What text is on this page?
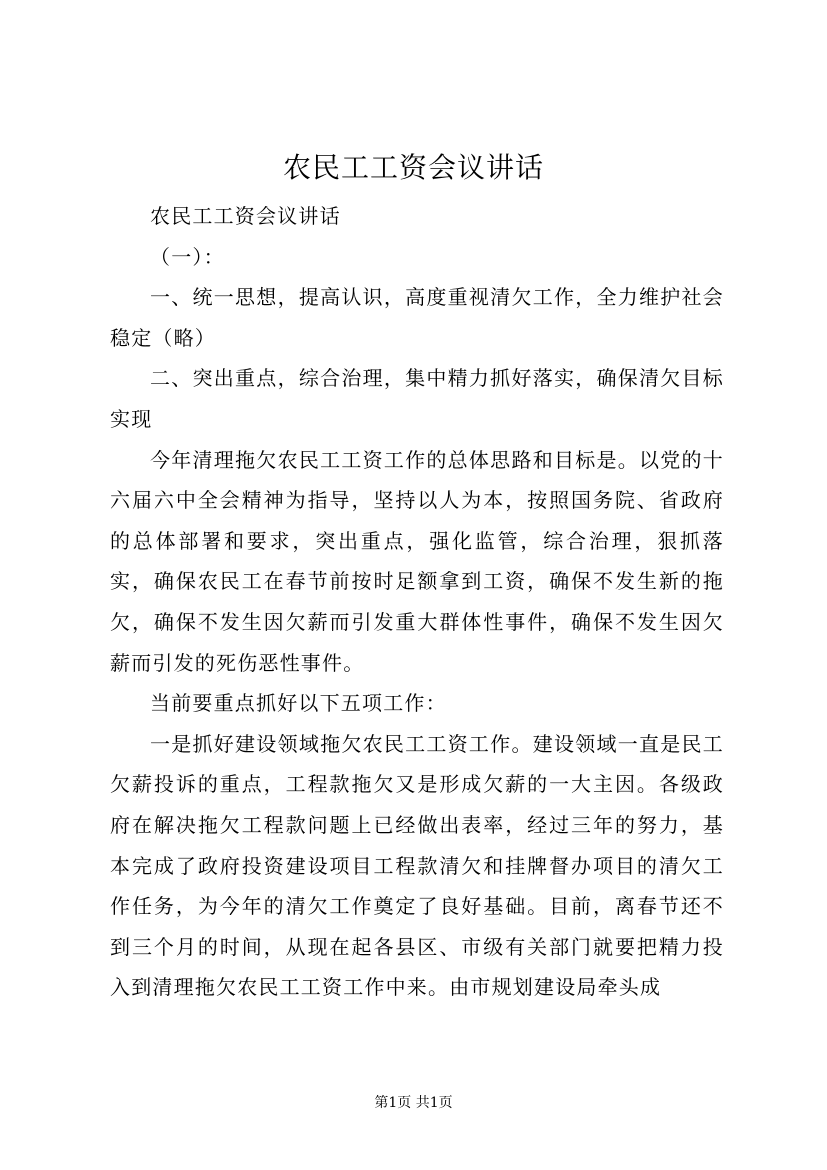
农民工工资会议讲话

农民工工资会议讲话

（一）：

一、统一思想，提高认识，高度重视清欠工作，全力维护社会稳定（略）

二、突出重点，综合治理，集中精力抓好落实，确保清欠目标实现

今年清理拖欠农民工工资工作的总体思路和目标是。以党的十六届六中全会精神为指导，坚持以人为本，按照国务院、省政府的总体部署和要求，突出重点，强化监管，综合治理，狠抓落实，确保农民工在春节前按时足额拿到工资，确保不发生新的拖欠，确保不发生因欠薪而引发重大群体性事件，确保不发生因欠薪而引发的死伤恶性事件。

当前要重点抓好以下五项工作：

一是抓好建设领域拖欠农民工工资工作。建设领域一直是民工欠薪投诉的重点，工程款拖欠又是形成欠薪的一大主因。各级政府在解决拖欠工程款问题上已经做出表率，经过三年的努力，基本完成了政府投资建设项目工程款清欠和挂牌督办项目的清欠工作任务，为今年的清欠工作奠定了良好基础。目前，离春节还不到三个月的时间，从现在起各县区、市级有关部门就要把精力投入到清理拖欠农民工工资工作中来。由市规划建设局牵头成

第1页 共1页
